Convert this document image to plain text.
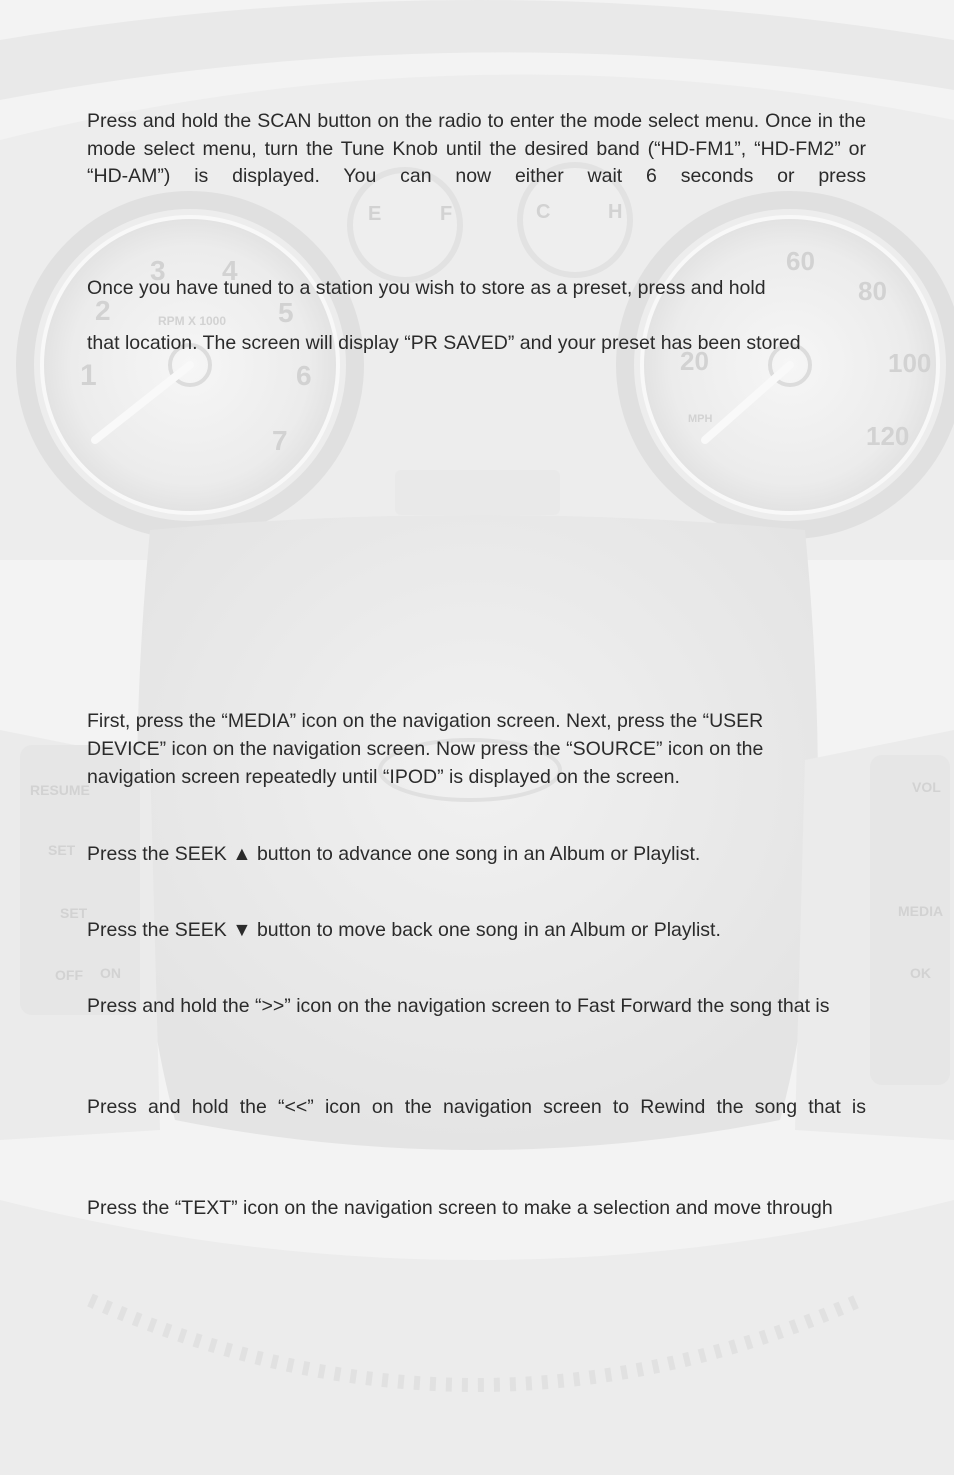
1
2
3 4
5
6
7
RPM X 1000
E	F	C	H
20
60
80
100
120
MPH
RESUME
SET
SET
OFF ON
VOL
MEDIA
OK

Press and hold the SCAN button on the radio to enter the mode select menu. Once in the mode select menu, turn the Tune Knob until the desired band (“HD-FM1”, “HD-FM2” or “HD-AM”) is displayed. You can now either wait 6 seconds or press

Once you have tuned to a station you wish to store as a preset, press and hold

that location. The screen will display “PR SAVED” and your preset has been stored

First, press the “MEDIA” icon on the navigation screen. Next, press the “USER DEVICE” icon on the navigation screen. Now press the “SOURCE” icon on the navigation screen repeatedly until “IPOD” is displayed on the screen.

Press the SEEK ▲ button to advance one song in an Album or Playlist.

Press the SEEK ▼ button to move back one song in an Album or Playlist.

Press and hold the “>>” icon on the navigation screen to Fast Forward the song that is

Press and hold the “<<” icon on the navigation screen to Rewind the song that is

Press the “TEXT” icon on the navigation screen to make a selection and move through
